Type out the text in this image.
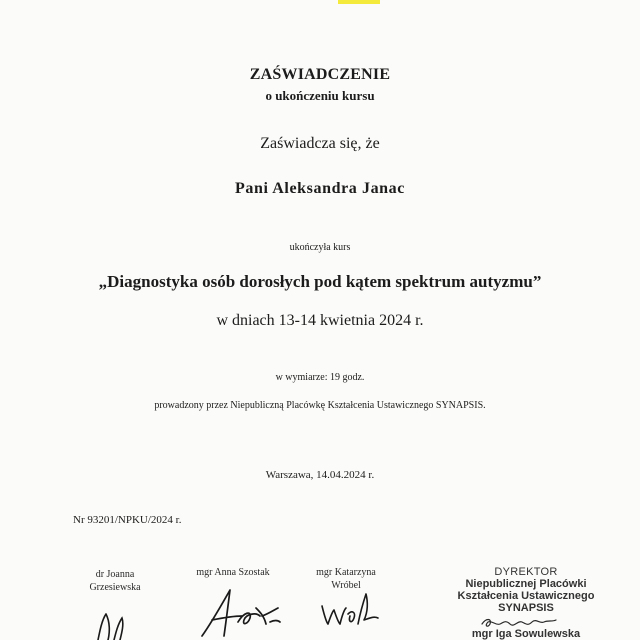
ZAŚWIADCZENIE
o ukończeniu kursu
Zaświadcza się, że
Pani Aleksandra Janac
ukończyła kurs
„Diagnostyka osób dorosłych pod kątem spektrum autyzmu”
w dniach 13-14 kwietnia 2024 r.
w wymiarze: 19 godz.
prowadzony przez Niepubliczną Placówkę Kształcenia Ustawicznego SYNAPSIS.
Warszawa, 14.04.2024 r.
Nr 93201/NPKU/2024 r.
dr Joanna
Grzesiewska
mgr Anna Szostak	mgr Katarzyna
Wróbel
DYREKTOR
Niepublicznej Placówki
Kształcenia Ustawicznego
SYNAPSIS
mgr Iga Sowulewska
